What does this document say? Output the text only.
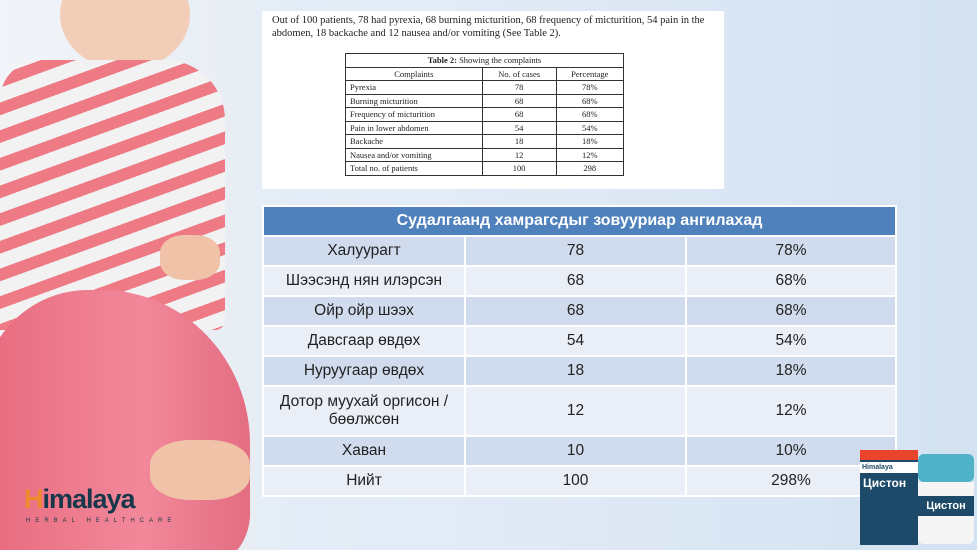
Himalaya
HERBAL HEALTHCARE

Out of 100 patients, 78 had pyrexia, 68 burning micturition, 68 frequency of micturition, 54 pain in the abdomen, 18 backache and 12 nausea and/or vomiting (See Table 2).

Table 2: Showing the complaints		
Complaints	No. of cases	Percentage
Pyrexia	78	78%
Burning micturition	68	68%
Frequency of micturition	68	68%
Pain in lower abdomen	54	54%
Backache	18	18%
Nausea and/or vomiting	12	12%
Total no. of patients	100	298
Судалгаанд хамрагсдыг зовууриар ангилахад		
Халуурагт	78	78%
Шээсэнд нян илэрсэн	68	68%
Ойр ойр шээх	68	68%
Давсгаар өвдөх	54	54%
Нуруугаар өвдөх	18	18%
Дотор муухай оргисон /бөөлжсөн	12	12%
Хаван	10	10%
Нийт	100	298%
Himalaya
Цистон
Цистон
